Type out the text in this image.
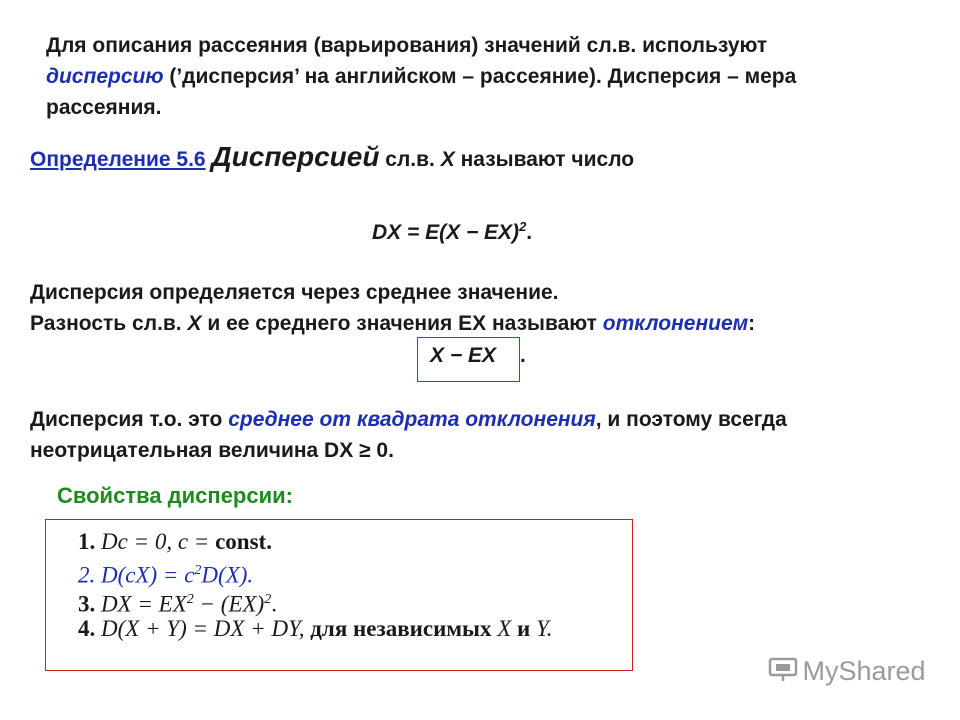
Для описания рассеяния (варьирования) значений сл.в. используют
дисперсию (’дисперсия’ на английском – рассеяние). Дисперсия – мера
рассеяния.
Определение 5.6 Дисперсией сл.в. X называют число
DX = E(X − EX)$^2$.
Дисперсия определяется через среднее значение.
Разность сл.в. X и ее среднего значения EX называют отклонением:
X − EX .
Дисперсия т.о. это среднее от квадрата отклонения, и поэтому всегда
неотрицательная величина DX ≥ 0.
Свойства дисперсии:
1. Dc = 0, c = const.
2. $D(cX) = c^2D(X)$.
3. DX = $EX^2 - (EX)^2$.
4. D(X + Y) = DX + DY, для независимых X и Y.
MyShared
